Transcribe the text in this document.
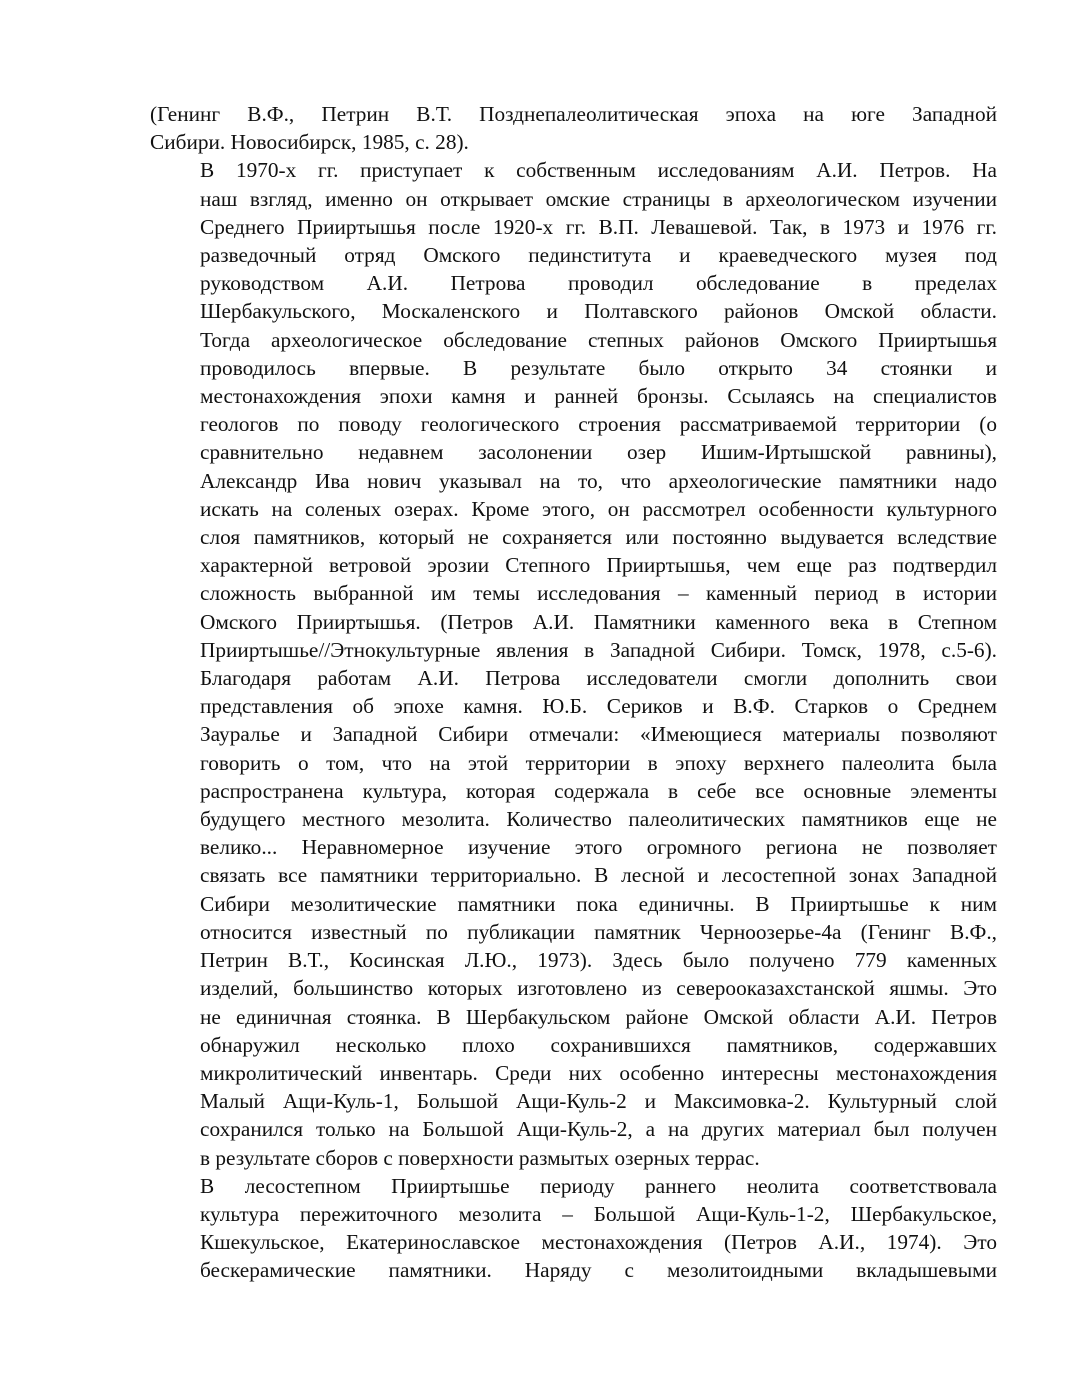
(Генинг В.Ф., Петрин В.Т. Позднепалеолитическая эпоха на юге Западной
Сибири. Новосибирск, 1985, с. 28).

В 1970-х гг. приступает к собственным исследованиям А.И. Петров. На
наш взгляд, именно он открывает омские страницы в археологическом изучении
Среднего Прииртышья после 1920-х гг. В.П. Левашевой. Так, в 1973 и 1976 гг.
разведочный отряд Омского пединститута и краеведческого музея под
руководством А.И. Петрова проводил обследование в пределах
Шербакульского, Москаленского и Полтавского районов Омской области.
Тогда археологическое обследование степных районов Омского Прииртышья
проводилось впервые. В результате было открыто 34 стоянки и
местонахождения эпохи камня и ранней бронзы. Ссылаясь на специалистов
геологов по поводу геологического строения рассматриваемой территории (о
сравнительно недавнем засолонении озер Ишим-Иртышской равнины),
Александр Ива нович указывал на то, что археологические памятники надо
искать на соленых озерах. Кроме этого, он рассмотрел особенности культурного
слоя памятников, который не сохраняется или постоянно выдувается вследствие
характерной ветровой эрозии Степного Прииртышья, чем еще раз подтвердил
сложность выбранной им темы исследования – каменный период в истории
Омского Прииртышья. (Петров А.И. Памятники каменного века в Степном
Прииртышье//Этнокультурные явления в Западной Сибири. Томск, 1978, с.5-6).
Благодаря работам А.И. Петрова исследователи смогли дополнить свои
представления об эпохе камня. Ю.Б. Сериков и В.Ф. Старков о Среднем
Зауралье и Западной Сибири отмечали: «Имеющиеся материалы позволяют
говорить о том, что на этой территории в эпоху верхнего палеолита была
распространена культура, которая содержала в себе все основные элементы
будущего местного мезолита. Количество палеолитических памятников еще не
велико... Неравномерное изучение этого огромного региона не позволяет
связать все памятники территориально. В лесной и лесостепной зонах Западной
Сибири мезолитические памятники пока единичны. В Прииртышье к ним
относится известный по публикации памятник Черноозерье-4а (Генинг В.Ф.,
Петрин В.Т., Косинская Л.Ю., 1973). Здесь было получено 779 каменных
изделий, большинство которых изготовлено из северооказахстанской яшмы. Это
не единичная стоянка. В Шербакульском районе Омской области А.И. Петров
обнаружил несколько плохо сохранившихся памятников, содержавших
микролитический инвентарь. Среди них особенно интересны местонахождения
Малый Ащи-Куль-1, Большой Ащи-Куль-2 и Максимовка-2. Культурный слой
сохранился только на Большой Ащи-Куль-2, а на других материал был получен
в результате сборов с поверхности размытых озерных террас.

В лесостепном Прииртышье периоду раннего неолита соответствовала
культура пережиточного мезолита – Большой Ащи-Куль-1-2, Шербакульское,
Кшекульское, Екатеринославское местонахождения (Петров А.И., 1974). Это
бескерамические памятники. Наряду с мезолитоидными вкладышевыми
